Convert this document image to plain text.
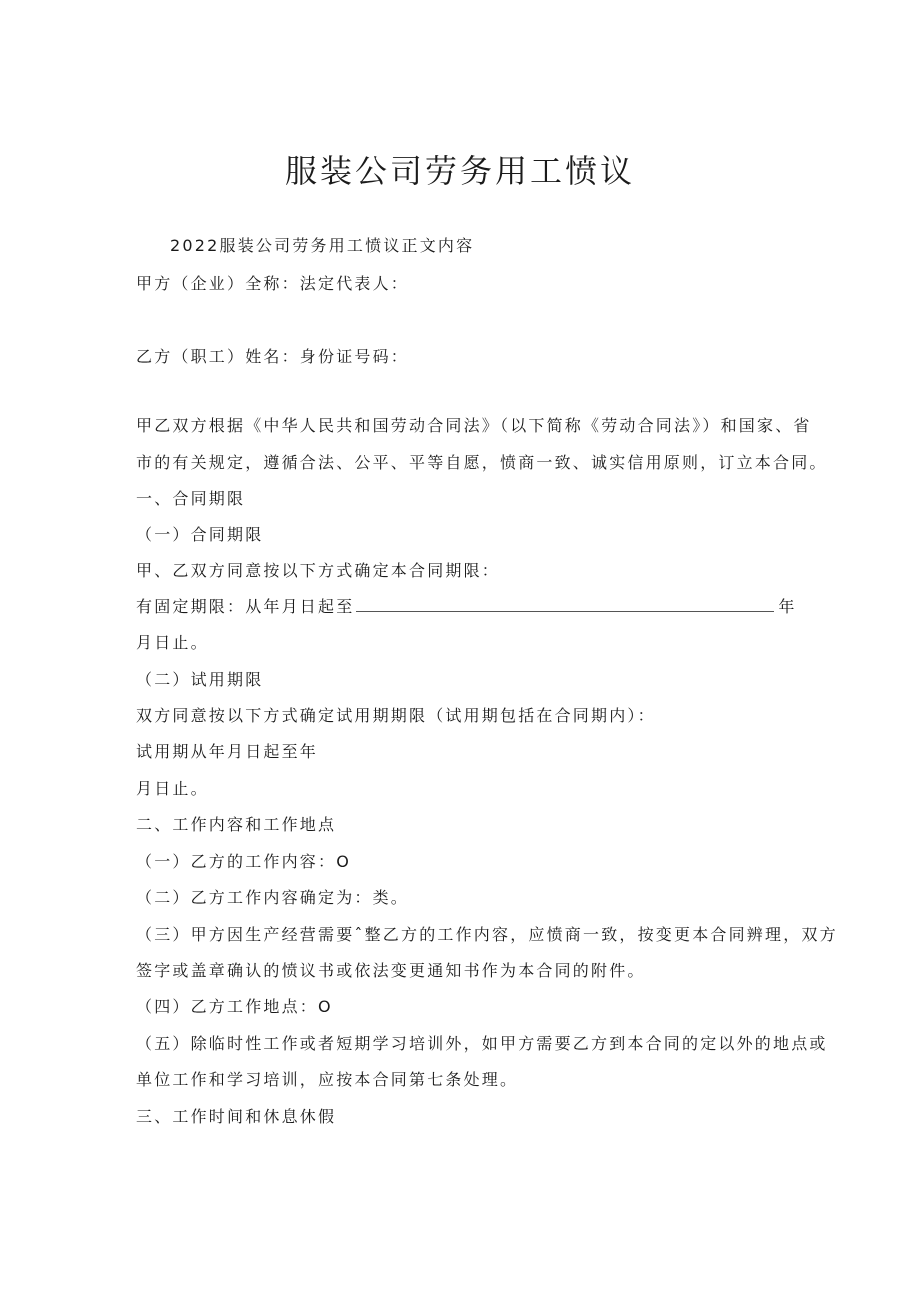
服装公司劳务用工愤议
2022服装公司劳务用工愤议正文内容
甲方（企业）全称：法定代表人：
乙方（职工）姓名：身份证号码：
甲乙双方根据《中华人民共和国劳动合同法》（以下简称《劳动合同法》）和国家、省
市的有关规定，遵循合法、公平、平等自愿，愤商一致、诚实信用原则，订立本合同。
一、合同期限
（一）合同期限
甲、乙双方同意按以下方式确定本合同期限：
有固定期限：从年月日起至	年
月日止。
（二）试用期限
双方同意按以下方式确定试用期期限（试用期包括在合同期内）：
试用期从年月日起至年
月日止。
二、工作内容和工作地点
（一）乙方的工作内容：O
（二）乙方工作内容确定为：类。
（三）甲方因生产经营需要ˆ整乙方的工作内容，应愤商一致，按变更本合同辨理，双方
签字或盖章确认的愤议书或依法变更通知书作为本合同的附件。
（四）乙方工作地点：O
（五）除临时性工作或者短期学习培训外，如甲方需要乙方到本合同的定以外的地点或
单位工作和学习培训，应按本合同第七条处理。
三、工作时间和休息休假
